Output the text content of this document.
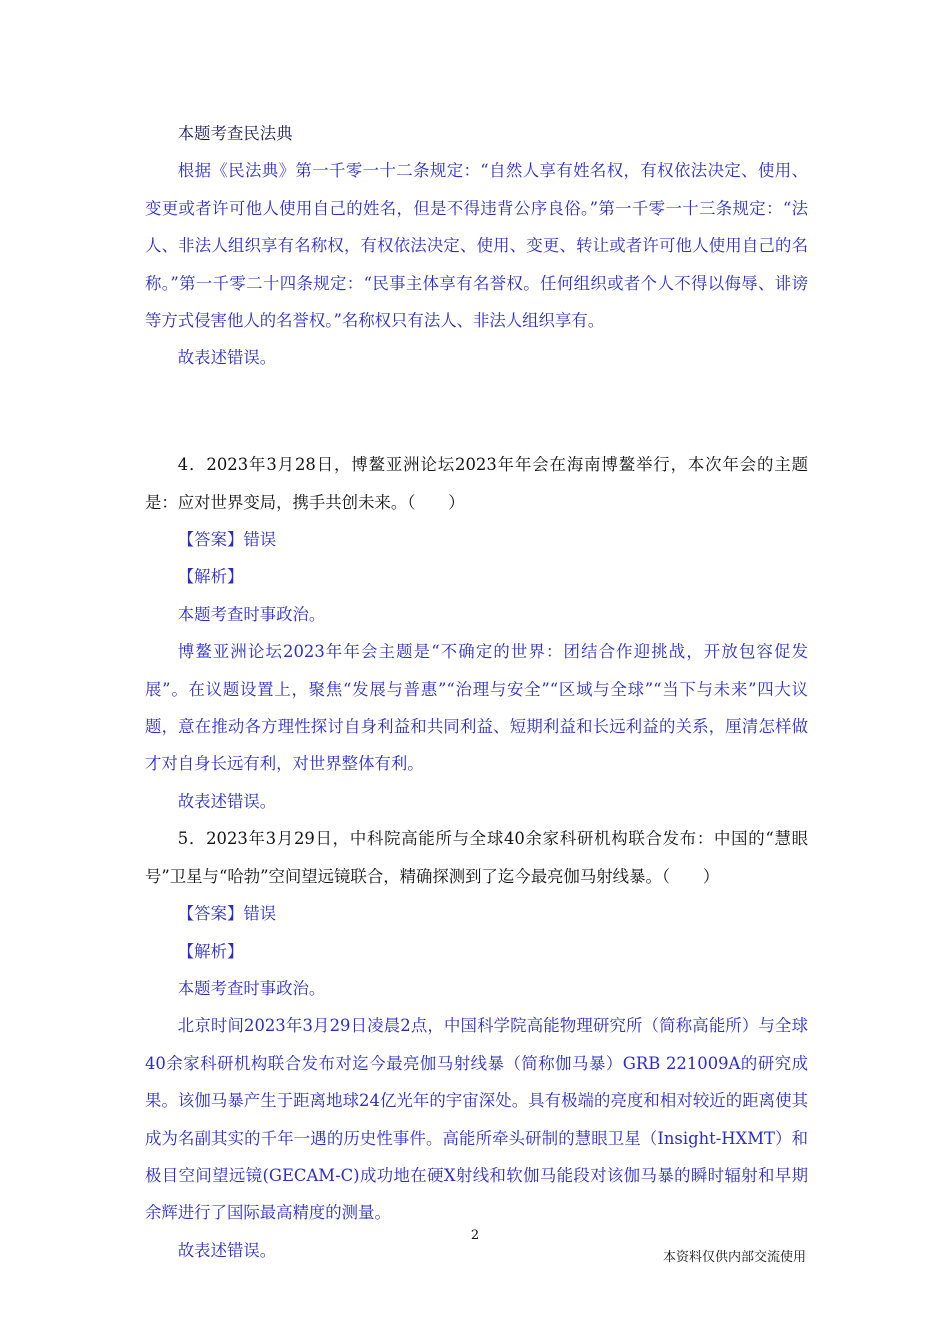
本题考查民法典

根据《民法典》第一千零一十二条规定：“自然人享有姓名权，有权依法决定、使用、变更或者许可他人使用自己的姓名，但是不得违背公序良俗。”第一千零一十三条规定：“法人、非法人组织享有名称权，有权依法决定、使用、变更、转让或者许可他人使用自己的名称。”第一千零二十四条规定：“民事主体享有名誉权。任何组织或者个人不得以侮辱、诽谤等方式侵害他人的名誉权。”名称权只有法人、非法人组织享有。

故表述错误。

4．2023年3月28日，博鳌亚洲论坛2023年年会在海南博鳌举行，本次年会的主题是：应对世界变局，携手共创未来。（　　）

【答案】错误

【解析】

本题考查时事政治。

博鳌亚洲论坛2023年年会主题是“不确定的世界：团结合作迎挑战，开放包容促发展”。在议题设置上，聚焦“发展与普惠”“治理与安全”“区域与全球”“当下与未来”四大议题，意在推动各方理性探讨自身利益和共同利益、短期利益和长远利益的关系，厘清怎样做才对自身长远有利，对世界整体有利。

故表述错误。

5．2023年3月29日，中科院高能所与全球40余家科研机构联合发布：中国的“慧眼号”卫星与“哈勃”空间望远镜联合，精确探测到了迄今最亮伽马射线暴。（　　）

【答案】错误

【解析】

本题考查时事政治。

北京时间2023年3月29日凌晨2点，中国科学院高能物理研究所（简称高能所）与全球40余家科研机构联合发布对迄今最亮伽马射线暴（简称伽马暴）GRB 221009A的研究成果。该伽马暴产生于距离地球24亿光年的宇宙深处。具有极端的亮度和相对较近的距离使其成为名副其实的千年一遇的历史性事件。高能所牵头研制的慧眼卫星（Insight-HXMT）和极目空间望远镜(GECAM-C)成功地在硬X射线和软伽马能段对该伽马暴的瞬时辐射和早期余辉进行了国际最高精度的测量。

故表述错误。

2
本资料仅供内部交流使用
